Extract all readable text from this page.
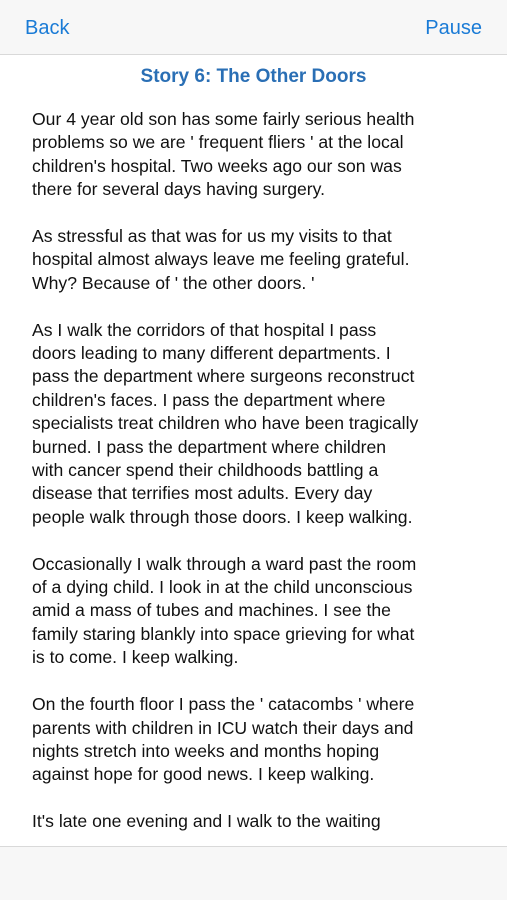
Back	Pause
Story 6: The Other Doors

Our 4 year old son has some fairly serious health
problems so we are ' frequent fliers ' at the local
children's hospital. Two weeks ago our son was
there for several days having surgery.

As stressful as that was for us my visits to that
hospital almost always leave me feeling grateful.
Why? Because of ' the other doors. '

As I walk the corridors of that hospital I pass
doors leading to many different departments. I
pass the department where surgeons reconstruct
children's faces. I pass the department where
specialists treat children who have been tragically
burned. I pass the department where children
with cancer spend their childhoods battling a
disease that terrifies most adults. Every day
people walk through those doors. I keep walking.

Occasionally I walk through a ward past the room
of a dying child. I look in at the child unconscious
amid a mass of tubes and machines. I see the
family staring blankly into space grieving for what
is to come. I keep walking.

On the fourth floor I pass the ' catacombs ' where
parents with children in ICU watch their days and
nights stretch into weeks and months hoping
against hope for good news. I keep walking.

It's late one evening and I walk to the waiting
